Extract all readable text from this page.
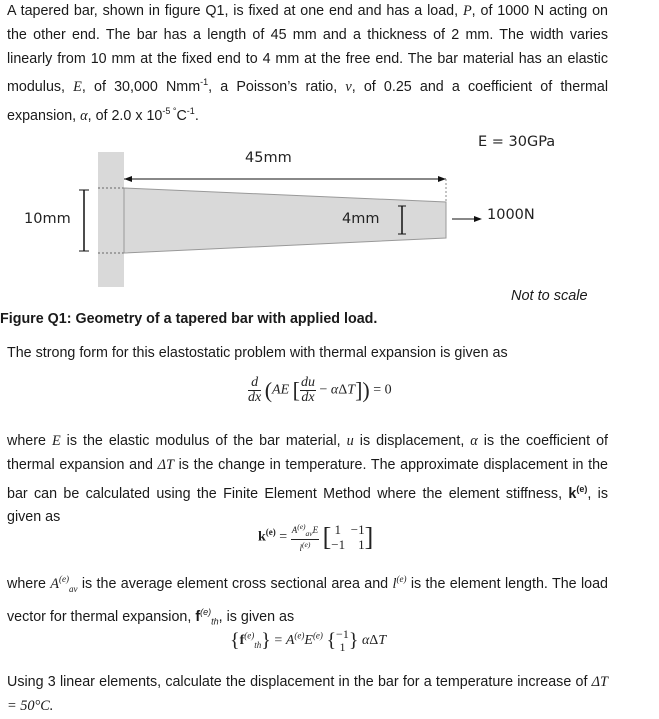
A tapered bar, shown in figure Q1, is fixed at one end and has a load, P, of 1000 N acting on the other end. The bar has a length of 45 mm and a thickness of 2 mm. The width varies linearly from 10 mm at the fixed end to 4 mm at the free end. The bar material has an elastic modulus, E, of 30,000 Nmm$^{-1}$, a Poisson’s ratio, ν, of 0.25 and a coefficient of thermal expansion, α, of 2.0 x $10^{-5 ^\circ}C^{-1}$.
E = 30GPa
45mm
10mm	4mm	1000N
Not to scale
Figure Q1: Geometry of a tapered bar with applied load.
The strong form for this elastostatic problem with thermal expansion is given as
$\frac{d}{dx} (AE$ [ $\frac{du}{dx} - \alpha\Delta T]) = 0$
where E is the elastic modulus of the bar material, u is displacement, α is the coefficient of thermal expansion and ΔT is the change in temperature. The approximate displacement in the bar can be calculated using the Finite Element Method where the element stiffness, $k^{(e)}$, is given as
$k^{(e)} = \frac{A^{(e)}_{av}E}{l^{(e)}}$ [ 1 −1
−1 1]
where $A^{(e)}_{av}$ is the average element cross sectional area and $l^{(e)}$ is the element length. The load vector for thermal expansion, $f^{(e)}_{th}$, is given as
$\{f^{(e)}_{th}\} = A^{(e)}E^{(e)}$ {−1
1 } αΔT
Using 3 linear elements, calculate the displacement in the bar for a temperature increase of ΔT = 50°C.
